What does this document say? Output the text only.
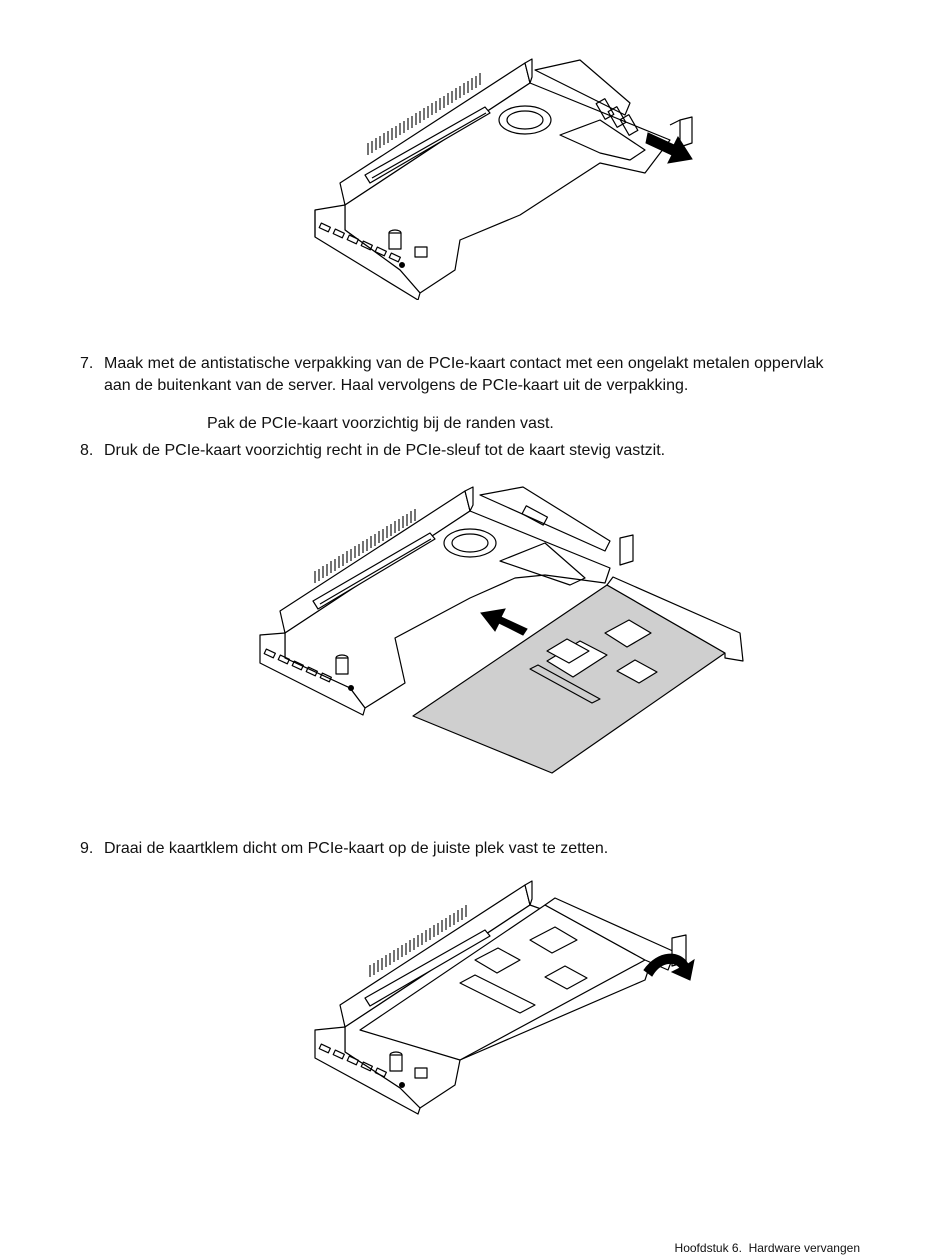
7. Maak met de antistatische verpakking van de PCIe-kaart contact met een ongelakt metalen oppervlak
aan de buitenkant van de server. Haal vervolgens de PCIe-kaart uit de verpakking.
Pak de PCIe-kaart voorzichtig bij de randen vast.
8. Druk de PCIe-kaart voorzichtig recht in de PCIe-sleuf tot de kaart stevig vastzit.
9. Draai de kaartklem dicht om PCIe-kaart op de juiste plek vast te zetten.
Hoofdstuk 6. Hardware vervangen
